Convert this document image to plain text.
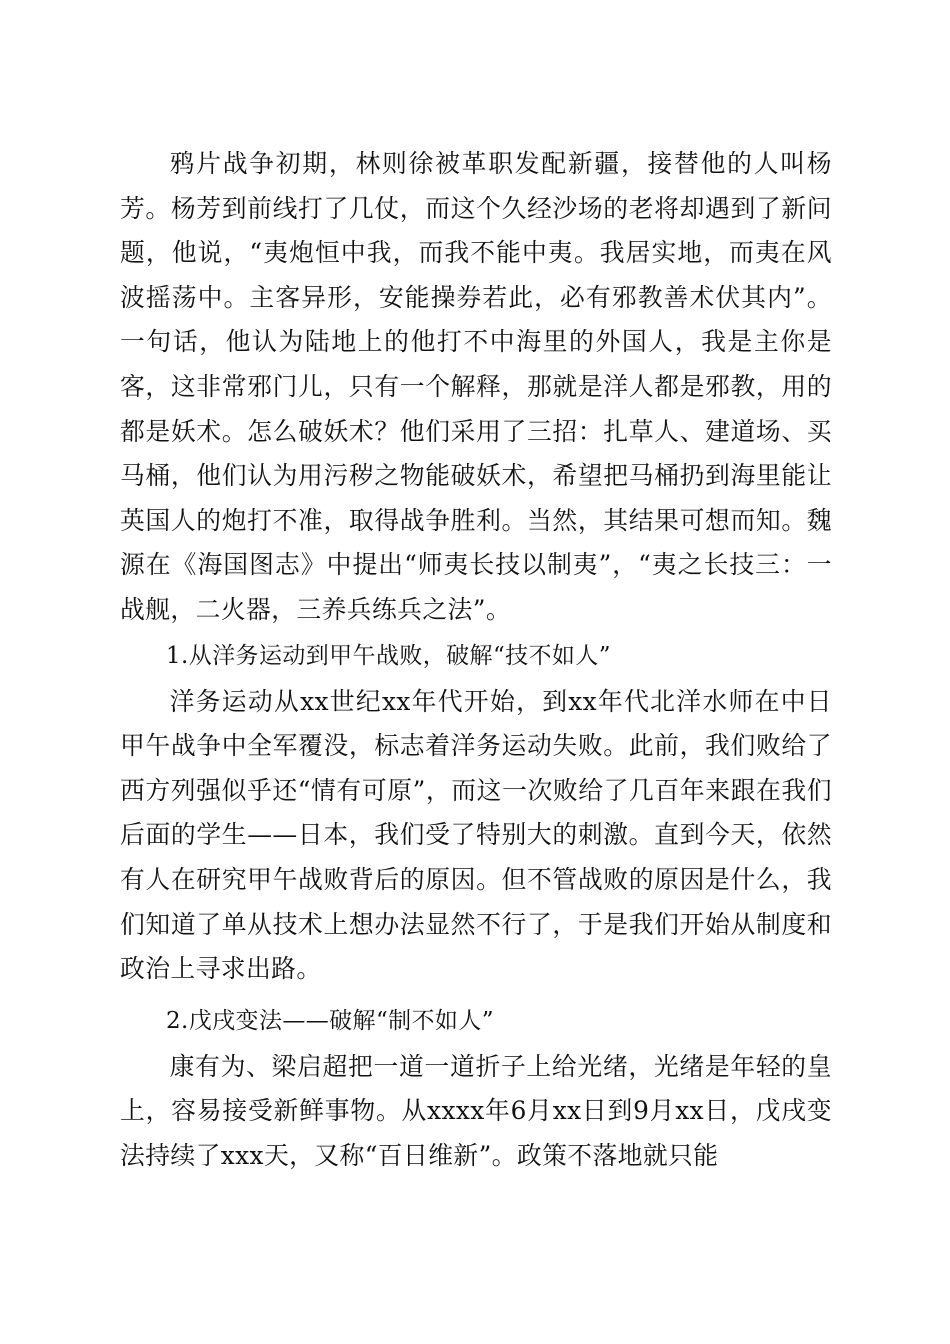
鸦片战争初期，林则徐被革职发配新疆，接替他的人叫杨芳。杨芳到前线打了几仗，而这个久经沙场的老将却遇到了新问题，他说，“夷炮恒中我，而我不能中夷。我居实地，而夷在风波摇荡中。主客异形，安能操券若此，必有邪教善术伏其内”。一句话，他认为陆地上的他打不中海里的外国人，我是主你是客，这非常邪门儿，只有一个解释，那就是洋人都是邪教，用的都是妖术。怎么破妖术？他们采用了三招：扎草人、建道场、买马桶，他们认为用污秽之物能破妖术，希望把马桶扔到海里能让英国人的炮打不准，取得战争胜利。当然，其结果可想而知。魏源在《海国图志》中提出“师夷长技以制夷”，“夷之长技三：一战舰，二火器，三养兵练兵之法”。

1.从洋务运动到甲午战败，破解“技不如人”

洋务运动从xx世纪xx年代开始，到xx年代北洋水师在中日甲午战争中全军覆没，标志着洋务运动失败。此前，我们败给了西方列强似乎还“情有可原”，而这一次败给了几百年来跟在我们后面的学生——日本，我们受了特别大的刺激。直到今天，依然有人在研究甲午战败背后的原因。但不管战败的原因是什么，我们知道了单从技术上想办法显然不行了，于是我们开始从制度和政治上寻求出路。

2.戊戌变法——破解“制不如人”

康有为、梁启超把一道一道折子上给光绪，光绪是年轻的皇上，容易接受新鲜事物。从xxxx年6月xx日到9月xx日，戊戌变法持续了xxx天，又称“百日维新”。政策不落地就只能
